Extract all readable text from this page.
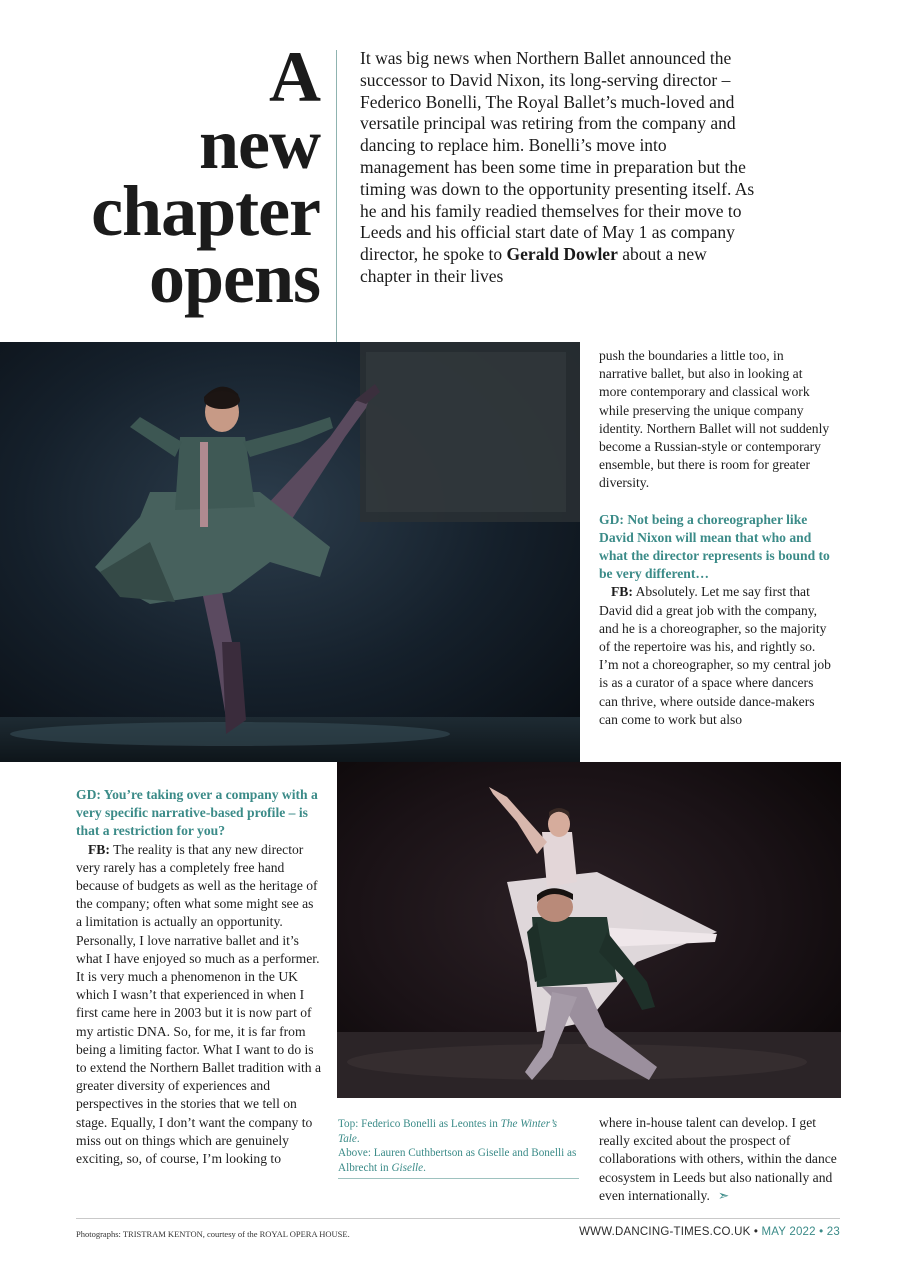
A
new
chapter
opens
It was big news when Northern Ballet announced the successor to David Nixon, its long-serving director – Federico Bonelli, The Royal Ballet’s much-loved and versatile principal was retiring from the company and dancing to replace him. Bonelli’s move into management has been some time in preparation but the timing was down to the opportunity presenting itself. As he and his family readied themselves for their move to Leeds and his official start date of May 1 as company director, he spoke to Gerald Dowler about a new chapter in their lives

push the boundaries a little too, in narrative ballet, but also in looking at more contemporary and classical work while preserving the unique company identity. Northern Ballet will not suddenly become a Russian-style or contemporary ensemble, but there is room for greater diversity.

GD: Not being a choreographer like David Nixon will mean that who and what the director represents is bound to be very different…

FB: Absolutely. Let me say first that David did a great job with the company, and he is a choreographer, so the majority of the repertoire was his, and rightly so. I’m not a choreographer, so my central job is as a curator of a space where dancers can thrive, where outside dance-makers can come to work but also

GD: You’re taking over a company with a very specific narrative-based profile – is that a restriction for you?

FB: The reality is that any new director very rarely has a completely free hand because of budgets as well as the heritage of the company; often what some might see as a limitation is actually an opportunity. Personally, I love narrative ballet and it’s what I have enjoyed so much as a performer. It is very much a phenomenon in the UK which I wasn’t that experienced in when I first came here in 2003 but it is now part of my artistic DNA. So, for me, it is far from being a limiting factor. What I want to do is to extend the Northern Ballet tradition with a greater diversity of experiences and perspectives in the stories that we tell on stage. Equally, I don’t want the company to miss out on things which are genuinely exciting, so, of course, I’m looking to

Top: Federico Bonelli as Leontes in The Winter’s Tale.
Above: Lauren Cuthbertson as Giselle and Bonelli as Albrecht in Giselle.

where in-house talent can develop. I get really excited about the prospect of collaborations with others, within the dance ecosystem in Leeds but also nationally and even internationally. ➣

Photographs: TRISTRAM KENTON, courtesy of the ROYAL OPERA HOUSE.	WWW.DANCING-TIMES.CO.UK • MAY 2022 • 23
